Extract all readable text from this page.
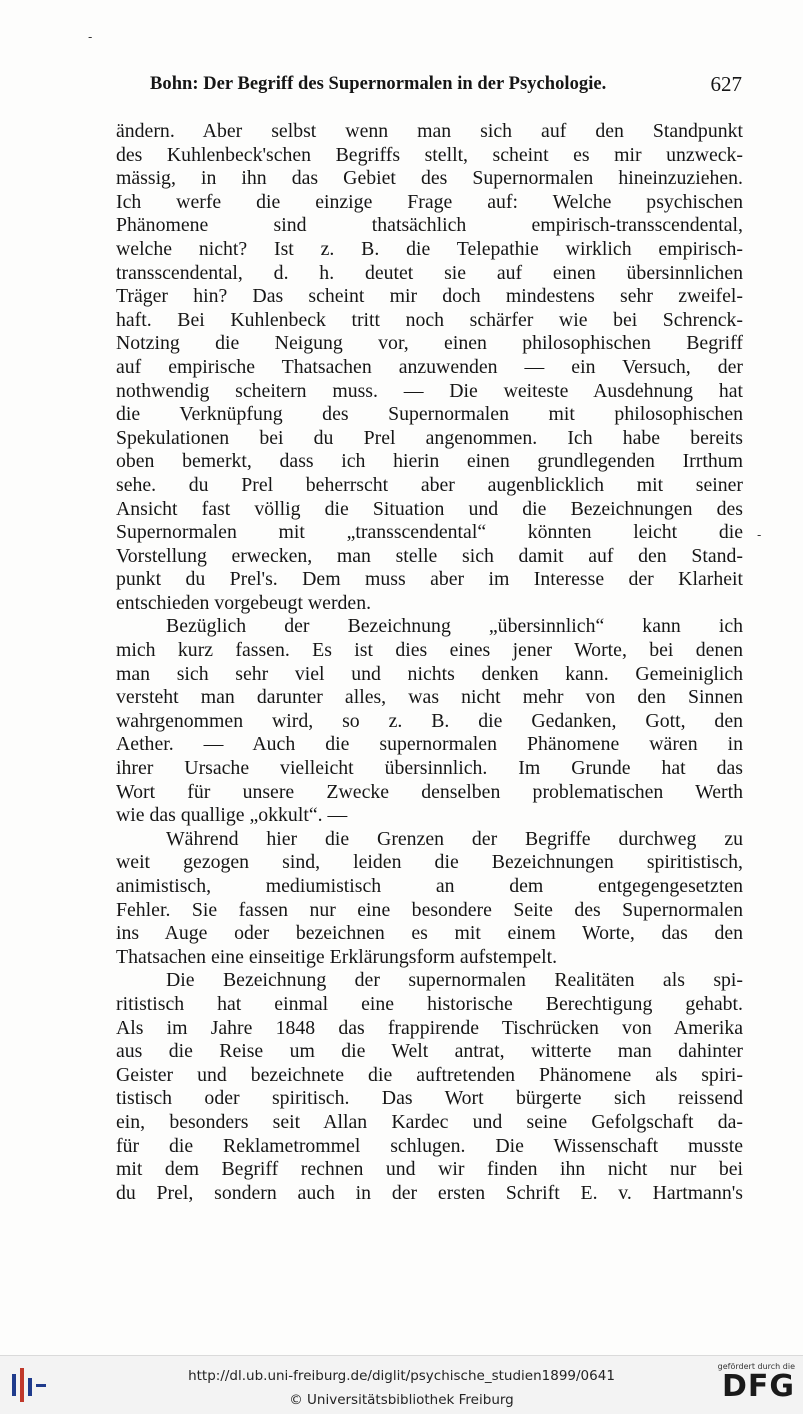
-
-
Bohn: Der Begriff des Supernormalen in der Psychologie.	627
ändern. Aber selbst wenn man sich auf den Standpunkt
des Kuhlenbeck'schen Begriffs stellt, scheint es mir unzweck-
mässig, in ihn das Gebiet des Supernormalen hineinzuziehen.
Ich werfe die einzige Frage auf: Welche psychischen
Phänomene sind thatsächlich empirisch-transscendental,
welche nicht? Ist z. B. die Telepathie wirklich empirisch-
transscendental, d. h. deutet sie auf einen übersinnlichen
Träger hin? Das scheint mir doch mindestens sehr zweifel-
haft. Bei Kuhlenbeck tritt noch schärfer wie bei Schrenck-
Notzing die Neigung vor, einen philosophischen Begriff
auf empirische Thatsachen anzuwenden — ein Versuch, der
nothwendig scheitern muss. — Die weiteste Ausdehnung hat
die Verknüpfung des Supernormalen mit philosophischen
Spekulationen bei du Prel angenommen. Ich habe bereits
oben bemerkt, dass ich hierin einen grundlegenden Irrthum
sehe. du Prel beherrscht aber augenblicklich mit seiner
Ansicht fast völlig die Situation und die Bezeichnungen des
Supernormalen mit „transscendental“ könnten leicht die
Vorstellung erwecken, man stelle sich damit auf den Stand-
punkt du Prel's. Dem muss aber im Interesse der Klarheit
entschieden vorgebeugt werden.
Bezüglich der Bezeichnung „übersinnlich“ kann ich
mich kurz fassen. Es ist dies eines jener Worte, bei denen
man sich sehr viel und nichts denken kann. Gemeiniglich
versteht man darunter alles, was nicht mehr von den Sinnen
wahrgenommen wird, so z. B. die Gedanken, Gott, den
Aether. — Auch die supernormalen Phänomene wären in
ihrer Ursache vielleicht übersinnlich. Im Grunde hat das
Wort für unsere Zwecke denselben problematischen Werth
wie das quallige „okkult“. —
Während hier die Grenzen der Begriffe durchweg zu
weit gezogen sind, leiden die Bezeichnungen spiritistisch,
animistisch, mediumistisch an dem entgegengesetzten
Fehler. Sie fassen nur eine besondere Seite des Supernormalen
ins Auge oder bezeichnen es mit einem Worte, das den
Thatsachen eine einseitige Erklärungsform aufstempelt.
Die Bezeichnung der supernormalen Realitäten als spi-
ritistisch hat einmal eine historische Berechtigung gehabt.
Als im Jahre 1848 das frappirende Tischrücken von Amerika
aus die Reise um die Welt antrat, witterte man dahinter
Geister und bezeichnete die auftretenden Phänomene als spiri-
tistisch oder spiritisch. Das Wort bürgerte sich reissend
ein, besonders seit Allan Kardec und seine Gefolgschaft da-
für die Reklametrommel schlugen. Die Wissenschaft musste
mit dem Begriff rechnen und wir finden ihn nicht nur bei
du Prel, sondern auch in der ersten Schrift E. v. Hartmann's
http://dl.ub.uni-freiburg.de/diglit/psychische_studien1899/0641
© Universitätsbibliothek Freiburg
gefördert durch die
DFG
